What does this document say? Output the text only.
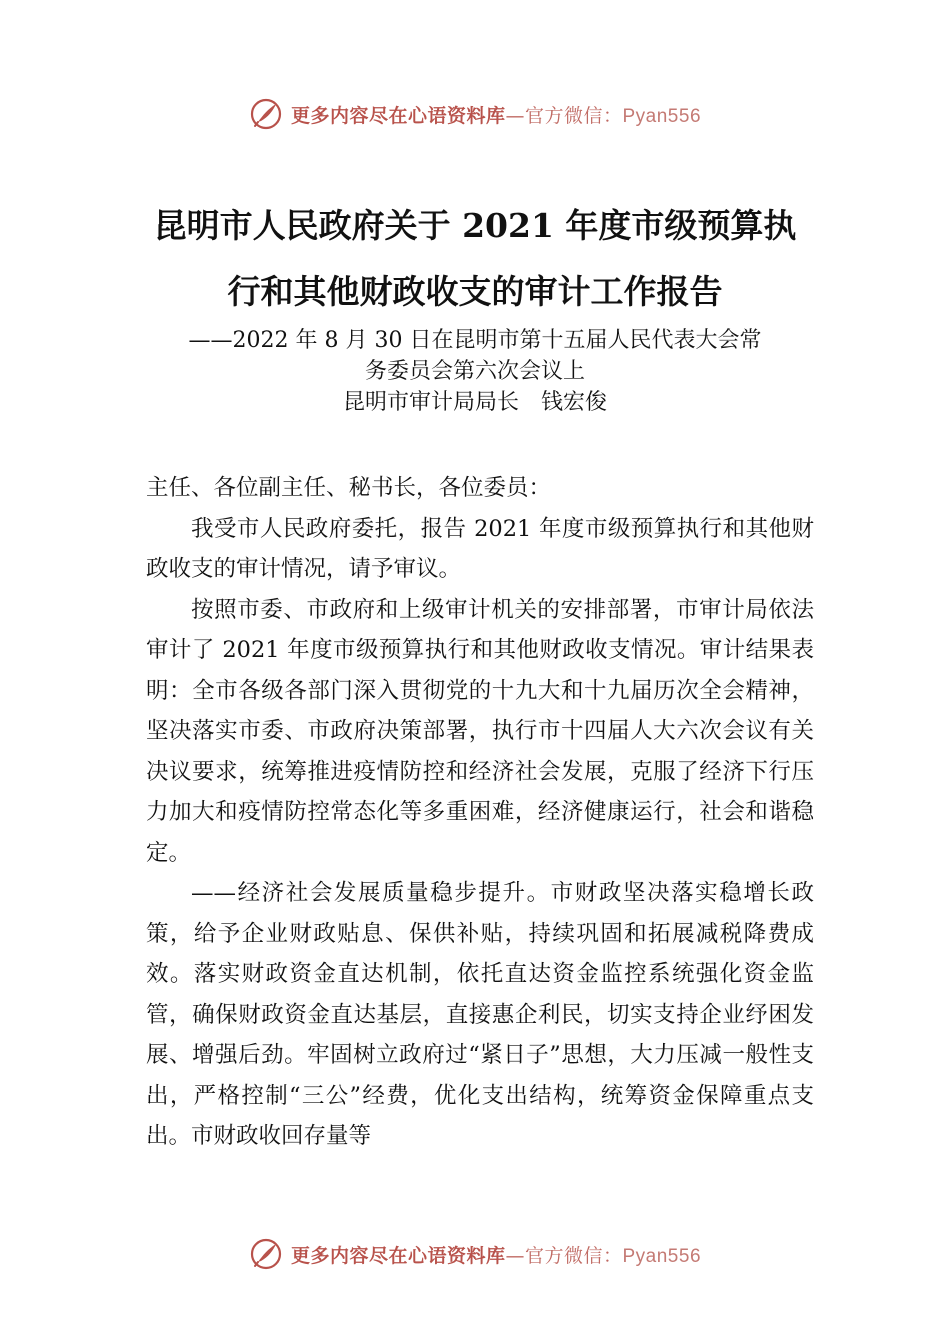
更多内容尽在心语资料库—官方微信：Pyan556
昆明市人民政府关于 2021 年度市级预算执
行和其他财政收支的审计工作报告
——2022 年 8 月 30 日在昆明市第十五届人民代表大会常
务委员会第六次会议上
昆明市审计局局长　钱宏俊

主任、各位副主任、秘书长，各位委员：

我受市人民政府委托，报告 2021 年度市级预算执行和其他财政收支的审计情况，请予审议。

按照市委、市政府和上级审计机关的安排部署，市审计局依法审计了 2021 年度市级预算执行和其他财政收支情况。审计结果表明：全市各级各部门深入贯彻党的十九大和十九届历次全会精神，坚决落实市委、市政府决策部署，执行市十四届人大六次会议有关决议要求，统筹推进疫情防控和经济社会发展，克服了经济下行压力加大和疫情防控常态化等多重困难，经济健康运行，社会和谐稳定。

——经济社会发展质量稳步提升。市财政坚决落实稳增长政策，给予企业财政贴息、保供补贴，持续巩固和拓展减税降费成效。落实财政资金直达机制，依托直达资金监控系统强化资金监管，确保财政资金直达基层，直接惠企利民，切实支持企业纾困发展、增强后劲。牢固树立政府过“紧日子”思想，大力压减一般性支出，严格控制“三公”经费，优化支出结构，统筹资金保障重点支出。市财政收回存量等

更多内容尽在心语资料库—官方微信：Pyan556
